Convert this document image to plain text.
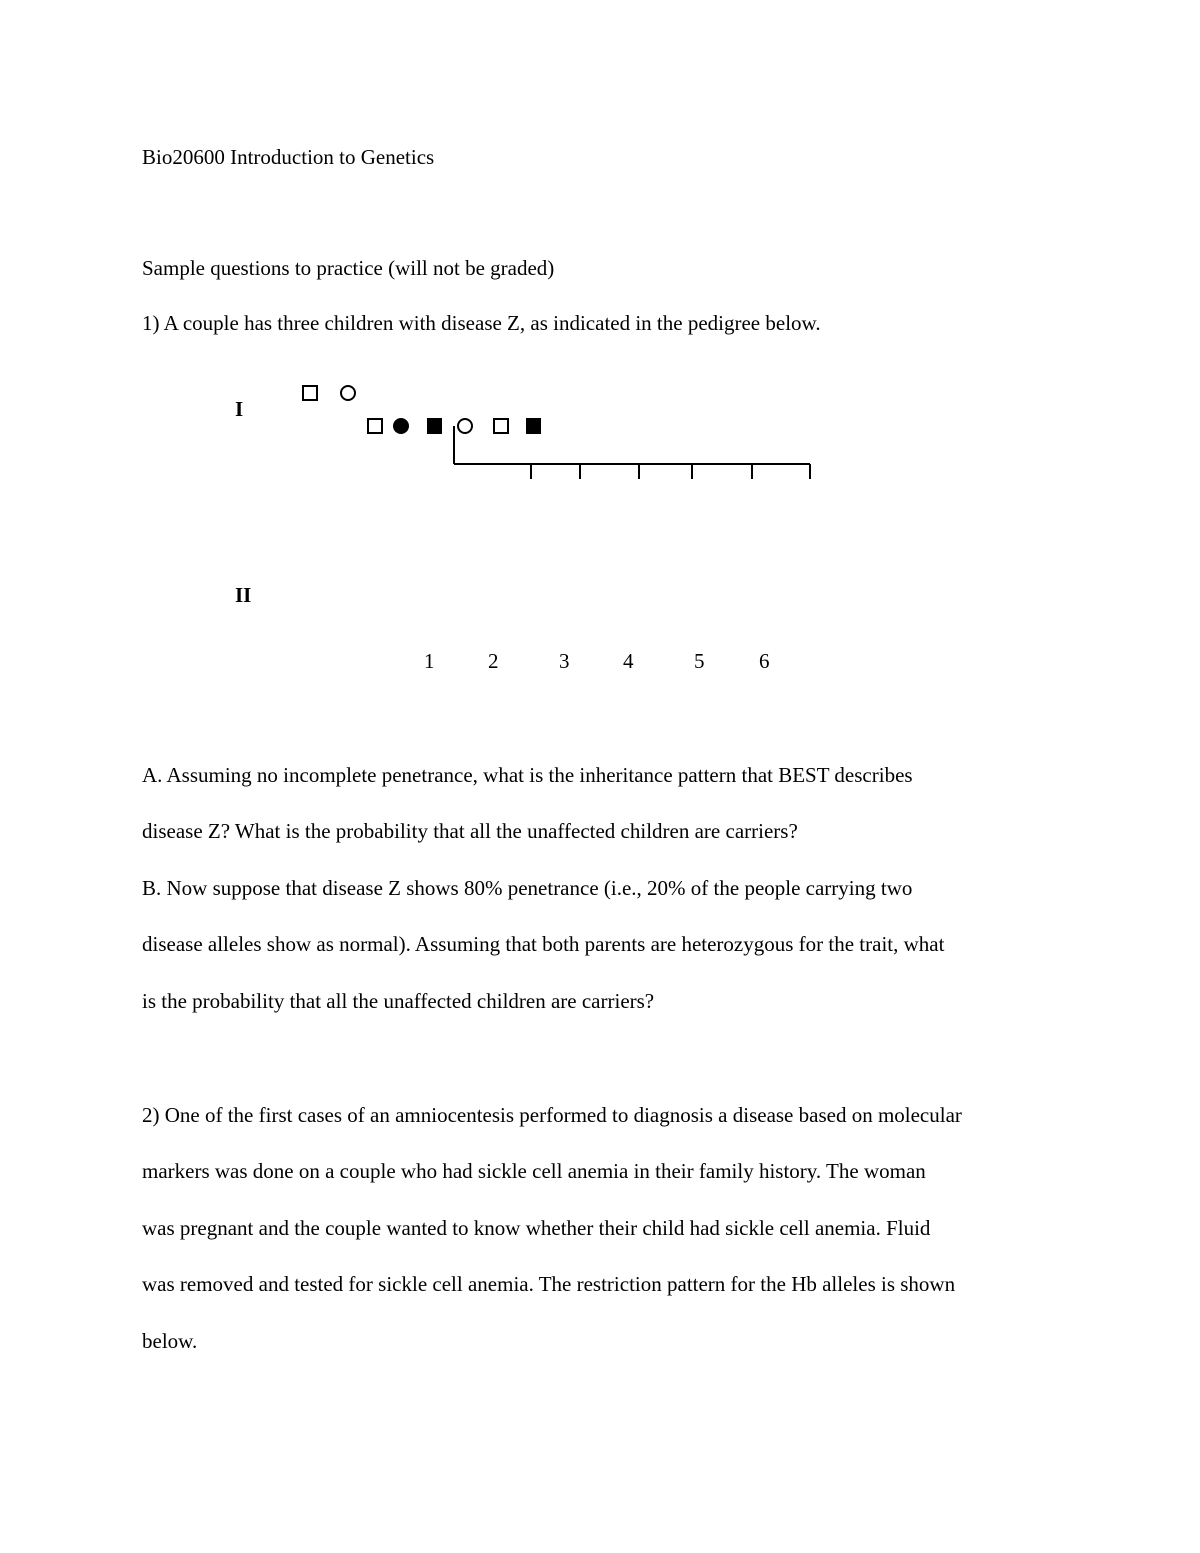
Bio20600 Introduction to Genetics

Sample questions to practice (will not be graded)

1) A couple has three children with disease Z, as indicated in the pedigree below.

I
II
1	2	3	4	5	6

A. Assuming no incomplete penetrance, what is the inheritance pattern that BEST describes

disease Z? What is the probability that all the unaffected children are carriers?

B. Now suppose that disease Z shows 80% penetrance (i.e., 20% of the people carrying two

disease alleles show as normal). Assuming that both parents are heterozygous for the trait, what

is the probability that all the unaffected children are carriers?

2) One of the first cases of an amniocentesis performed to diagnosis a disease based on molecular

markers was done on a couple who had sickle cell anemia in their family history. The woman

was pregnant and the couple wanted to know whether their child had sickle cell anemia. Fluid

was removed and tested for sickle cell anemia. The restriction pattern for the Hb alleles is shown

below.
